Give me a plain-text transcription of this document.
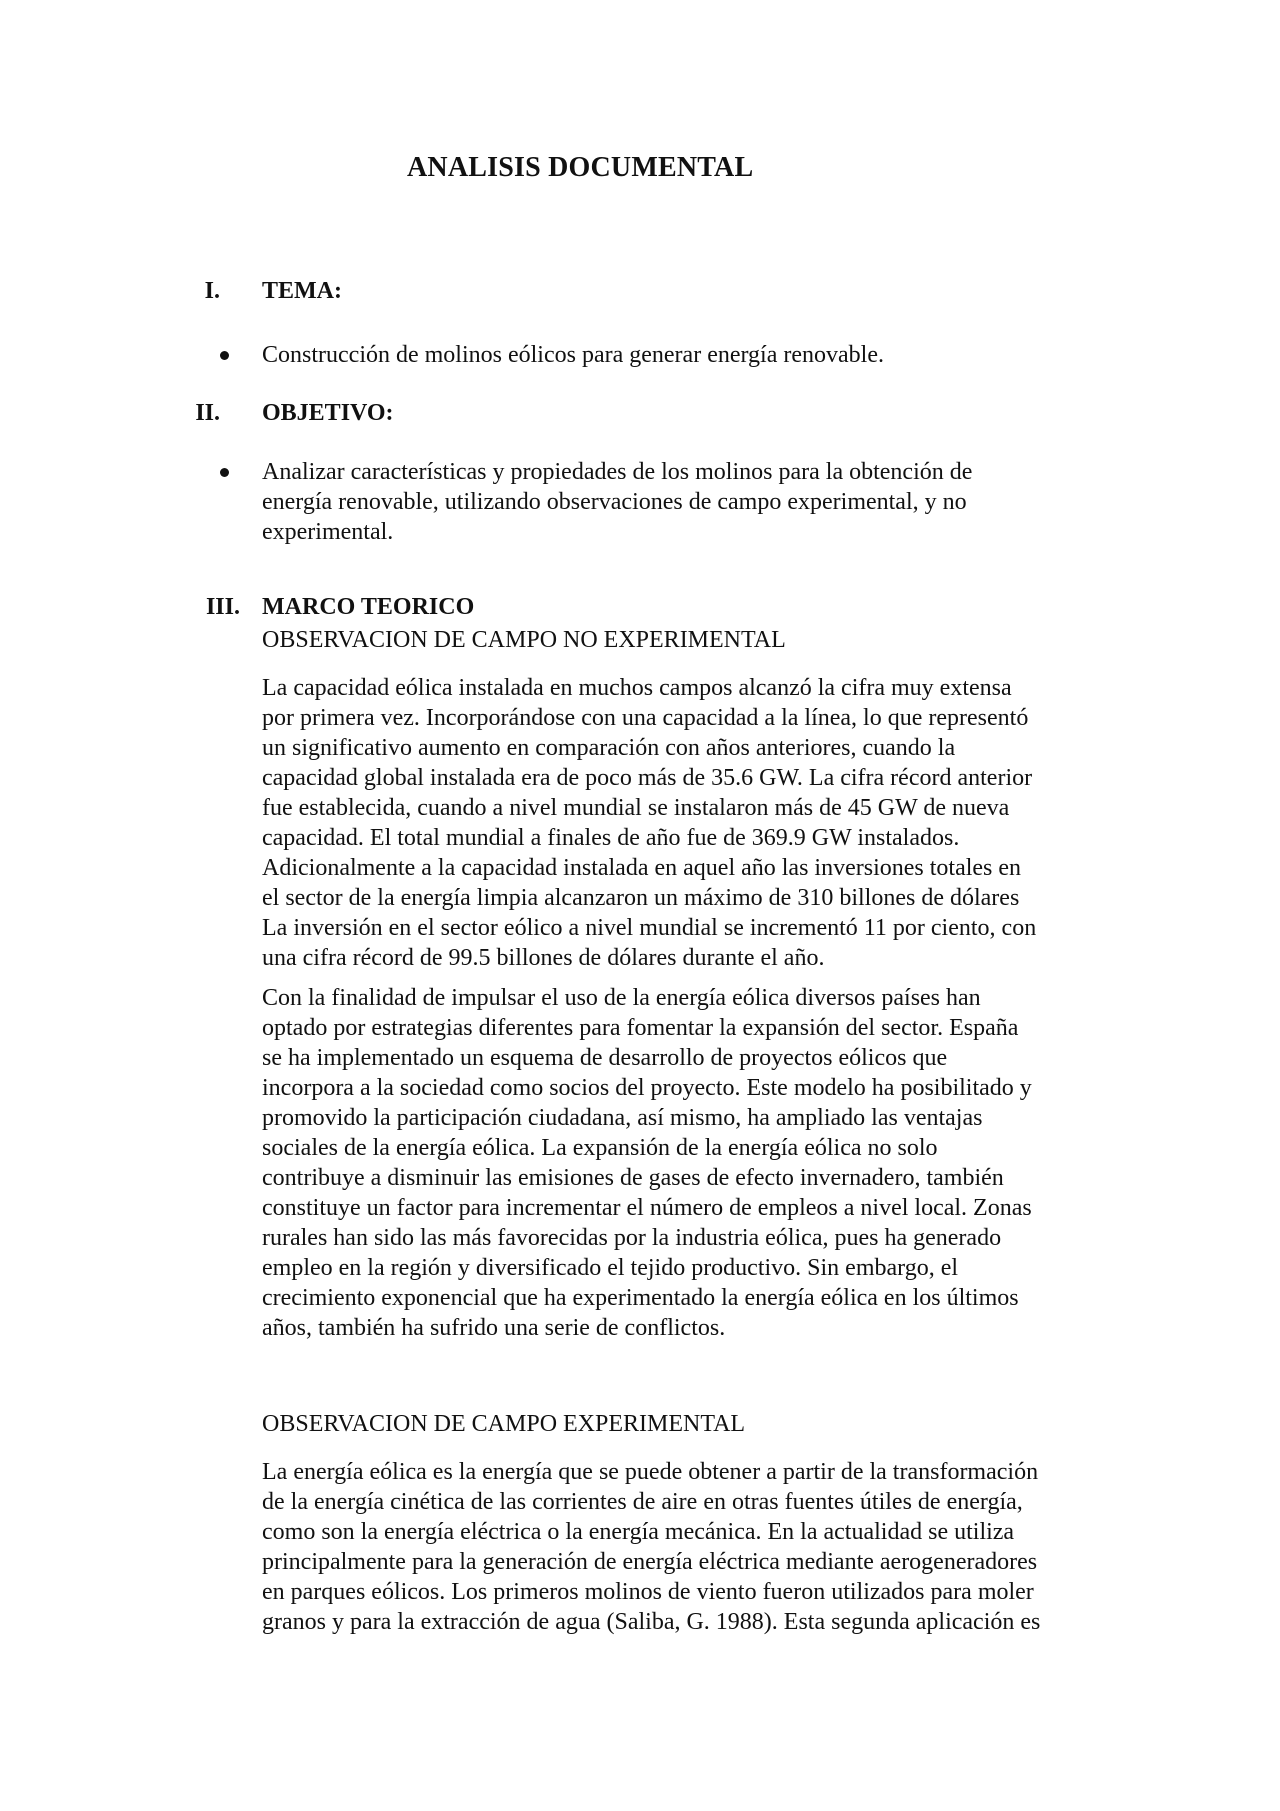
ANALISIS DOCUMENTAL
I. TEMA:
Construcción de molinos eólicos para generar energía renovable.
II. OBJETIVO:
Analizar características y propiedades de los molinos para la obtención de
energía renovable, utilizando observaciones de campo experimental, y no
experimental.
III. MARCO TEORICO
OBSERVACION DE CAMPO NO EXPERIMENTAL
La capacidad eólica instalada en muchos campos alcanzó la cifra muy extensa
por primera vez. Incorporándose con una capacidad a la línea, lo que representó
un significativo aumento en comparación con años anteriores, cuando la
capacidad global instalada era de poco más de 35.6 GW. La cifra récord anterior
fue establecida, cuando a nivel mundial se instalaron más de 45 GW de nueva
capacidad. El total mundial a finales de año fue de 369.9 GW instalados.
Adicionalmente a la capacidad instalada en aquel año las inversiones totales en
el sector de la energía limpia alcanzaron un máximo de 310 billones de dólares
La inversión en el sector eólico a nivel mundial se incrementó 11 por ciento, con
una cifra récord de 99.5 billones de dólares durante el año.
Con la finalidad de impulsar el uso de la energía eólica diversos países han
optado por estrategias diferentes para fomentar la expansión del sector. España
se ha implementado un esquema de desarrollo de proyectos eólicos que
incorpora a la sociedad como socios del proyecto. Este modelo ha posibilitado y
promovido la participación ciudadana, así mismo, ha ampliado las ventajas
sociales de la energía eólica. La expansión de la energía eólica no solo
contribuye a disminuir las emisiones de gases de efecto invernadero, también
constituye un factor para incrementar el número de empleos a nivel local. Zonas
rurales han sido las más favorecidas por la industria eólica, pues ha generado
empleo en la región y diversificado el tejido productivo. Sin embargo, el
crecimiento exponencial que ha experimentado la energía eólica en los últimos
años, también ha sufrido una serie de conflictos.
OBSERVACION DE CAMPO EXPERIMENTAL
La energía eólica es la energía que se puede obtener a partir de la transformación
de la energía cinética de las corrientes de aire en otras fuentes útiles de energía,
como son la energía eléctrica o la energía mecánica. En la actualidad se utiliza
principalmente para la generación de energía eléctrica mediante aerogeneradores
en parques eólicos. Los primeros molinos de viento fueron utilizados para moler
granos y para la extracción de agua (Saliba, G. 1988). Esta segunda aplicación es
